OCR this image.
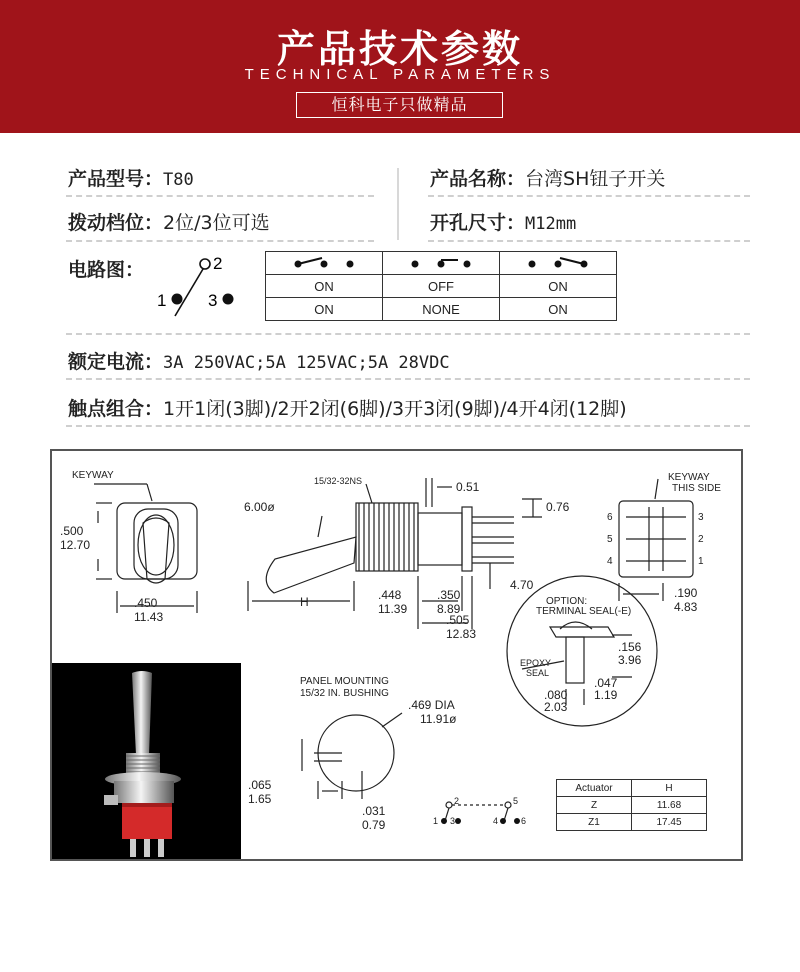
产品技术参数
TECHNICAL PARAMETERS
恒科电子只做精品
产品型号：T80	产品名称：台湾SH钮子开关
拨动档位：2位/3位可选	开孔尺寸：M12mm
电路图：	2
1 3

ON	OFF	ON
ON	NONE	ON
额定电流：3A 250VAC;5A 125VAC;5A 28VDC
触点组合：1开1闭(3脚)/2开2闭(6脚)/3开3闭(9脚)/4开4闭(12脚)
KEYWAY
.500
12.70
.450
11.43
15/32-32NS
6.00ø
0.51
0.76
4.70
H	.448
11.39
.350
8.89
.505
12.83
KEYWAY
THIS SIDE
6
5
4
3
2
1
.190
4.83
OPTION:
TERMINAL SEAL(-E)
EPOXY
SEAL
.156
3.96
.047
1.19
.080
2.03
PANEL MOUNTING
15/32 IN. BUSHING
.469 DIA
11.91ø
.065
1.65
.031
0.79
2	5
1 3	4	6
Actuator	H
Z	11.68
Z1	17.45
